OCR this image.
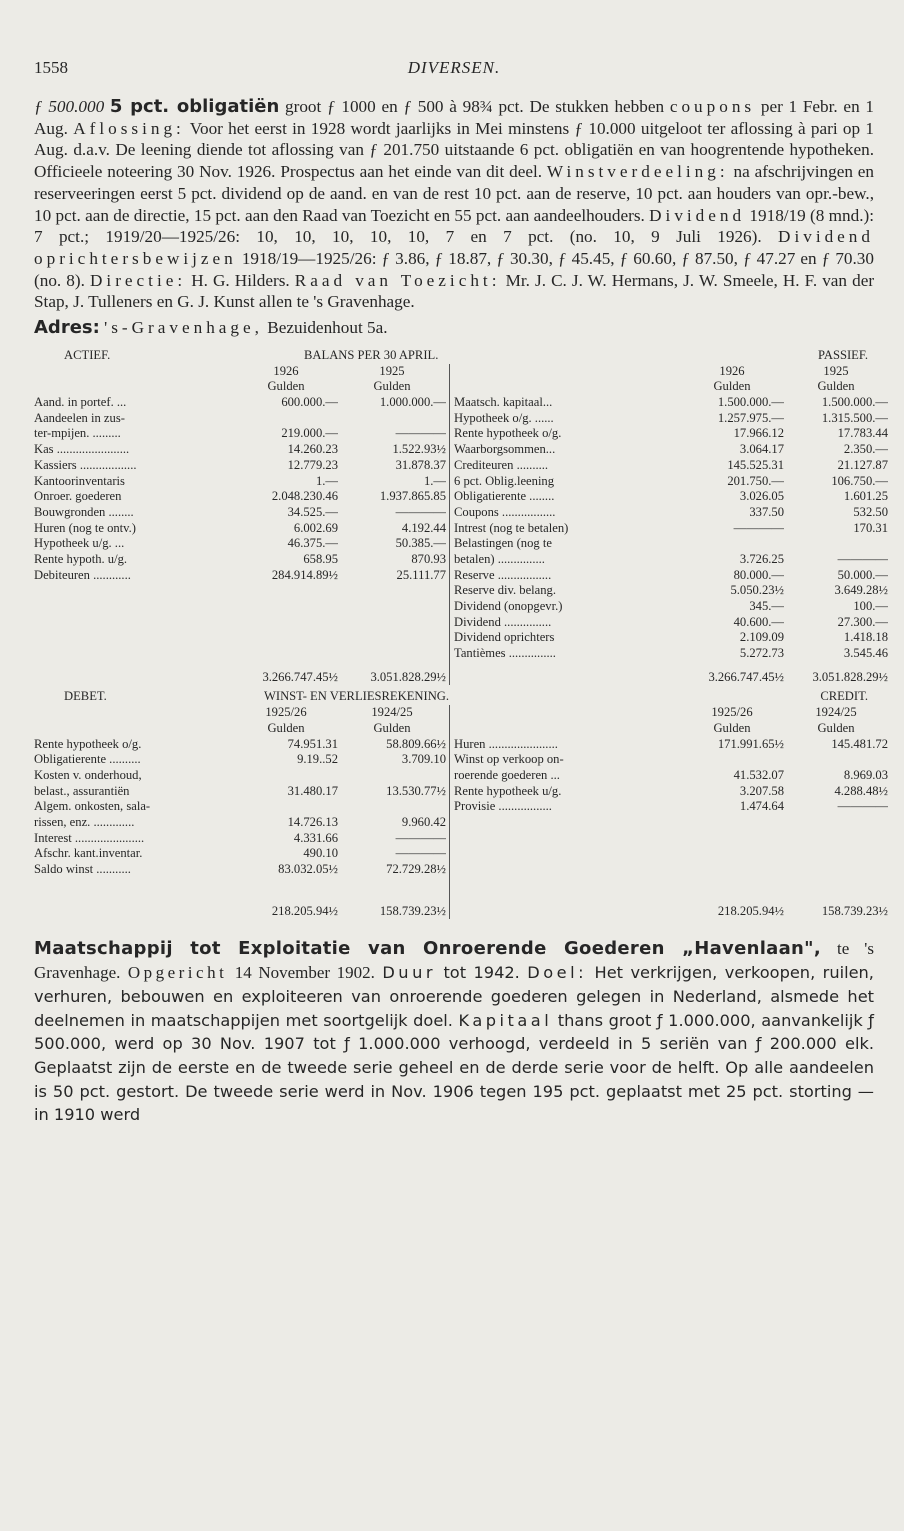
1558	DIVERSEN.

ƒ 500.000 5 pct. obligatiën groot ƒ 1000 en ƒ 500 à 98¾ pct. De stukken hebben coupons per 1 Febr. en 1 Aug. Aflossing: Voor het eerst in 1928 wordt jaarlijks in Mei minstens ƒ 10.000 uitgeloot ter aflossing à pari op 1 Aug. d.a.v. De leening diende tot aflossing van ƒ 201.750 uitstaande 6 pct. obligatiën en van hoogrentende hypotheken. Officieele noteering 30 Nov. 1926. Prospectus aan het einde van dit deel. Winstverdeeling: na afschrijvingen en reserveeringen eerst 5 pct. dividend op de aand. en van de rest 10 pct. aan de reserve, 10 pct. aan houders van opr.-bew., 10 pct. aan de directie, 15 pct. aan den Raad van Toezicht en 55 pct. aan aandeelhouders. Dividend 1918/19 (8 mnd.): 7 pct.; 1919/20—1925/26: 10, 10, 10, 10, 10, 7 en 7 pct. (no. 10, 9 Juli 1926). Dividend oprichtersbewijzen 1918/19—1925/26: ƒ 3.86, ƒ 18.87, ƒ 30.30, ƒ 45.45, ƒ 60.60, ƒ 87.50, ƒ 47.27 en ƒ 70.30 (no. 8). Directie: H. G. Hilders. Raad van Toezicht: Mr. J. C. J. W. Hermans, J. W. Smeele, H. F. van der Stap, J. Tulleners en G. J. Kunst allen te 's Gravenhage.

Adres: 's-Gravenhage, Bezuidenhout 5a.
ACTIEF.	BALANS PER 30 APRIL.	PASSIEF.
1926	1925
Gulden	Gulden
Aand. in portef. ...	600.000.—	1.000.000.—
Aandeelen in zus-
ter-mpijen. .........	219.000.—	————
Kas .......................	14.260.23	1.522.93½
Kassiers ..................	12.779.23	31.878.37
Kantoorinventaris	1.—	1.—
Onroer. goederen	2.048.230.46	1.937.865.85
Bouwgronden ........	34.525.—	————
Huren (nog te ontv.)	6.002.69	4.192.44
Hypotheek u/g. ...	46.375.—	50.385.—
Rente hypoth. u/g.	658.95	870.93
Debiteuren ............	284.914.89½	25.111.77
1926	1925
Gulden	Gulden
Maatsch. kapitaal...	1.500.000.—	1.500.000.—
Hypotheek o/g. ......	1.257.975.—	1.315.500.—
Rente hypotheek o/g.	17.966.12	17.783.44
Waarborgsommen...	3.064.17	2.350.—
Crediteuren ..........	145.525.31	21.127.87
6 pct. Oblig.leening	201.750.—	106.750.—
Obligatierente ........	3.026.05	1.601.25
Coupons .................	337.50	532.50
Intrest (nog te betalen)	————	170.31
Belastingen (nog te
betalen) ...............	3.726.25	————
Reserve .................	80.000.—	50.000.—
Reserve div. belang.	5.050.23½	3.649.28½
Dividend (onopgevr.)	345.—	100.—
Dividend ...............	40.600.—	27.300.—
Dividend oprichters	2.109.09	1.418.18
Tantièmes ...............	5.272.73	3.545.46
3.266.747.45½	3.051.828.29½	3.266.747.45½	3.051.828.29½
DEBET.	WINST- EN VERLIESREKENING.	CREDIT.
1925/26	1924/25
Gulden	Gulden
Rente hypotheek o/g.	74.951.31	58.809.66½
Obligatierente ..........	9.19..52	3.709.10
Kosten v. onderhoud,
belast., assurantiën	31.480.17	13.530.77½
Algem. onkosten, sala-
rissen, enz. .............	14.726.13	9.960.42
Interest ......................	4.331.66	————
Afschr. kant.inventar.	490.10	————
Saldo winst ...........	83.032.05½	72.729.28½
1925/26	1924/25
Gulden	Gulden
Huren ......................	171.991.65½	145.481.72
Winst op verkoop on-
roerende goederen ...	41.532.07	8.969.03
Rente hypotheek u/g.	3.207.58	4.288.48½
Provisie .................	1.474.64	————
218.205.94½	158.739.23½	218.205.94½	158.739.23½

Maatschappij tot Exploitatie van Onroerende Goederen „Havenlaan", te 's Gravenhage. Opgericht 14 November 1902. Duur tot 1942. Doel: Het verkrijgen, verkoopen, ruilen, verhuren, bebouwen en exploiteeren van onroerende goederen gelegen in Nederland, alsmede het deelnemen in maatschappijen met soortgelijk doel. Kapitaal thans groot ƒ 1.000.000, aanvankelijk ƒ 500.000, werd op 30 Nov. 1907 tot ƒ 1.000.000 verhoogd, verdeeld in 5 seriën van ƒ 200.000 elk. Geplaatst zijn de eerste en de tweede serie geheel en de derde serie voor de helft. Op alle aandeelen is 50 pct. gestort. De tweede serie werd in Nov. 1906 tegen 195 pct. geplaatst met 25 pct. storting — in 1910 werd
